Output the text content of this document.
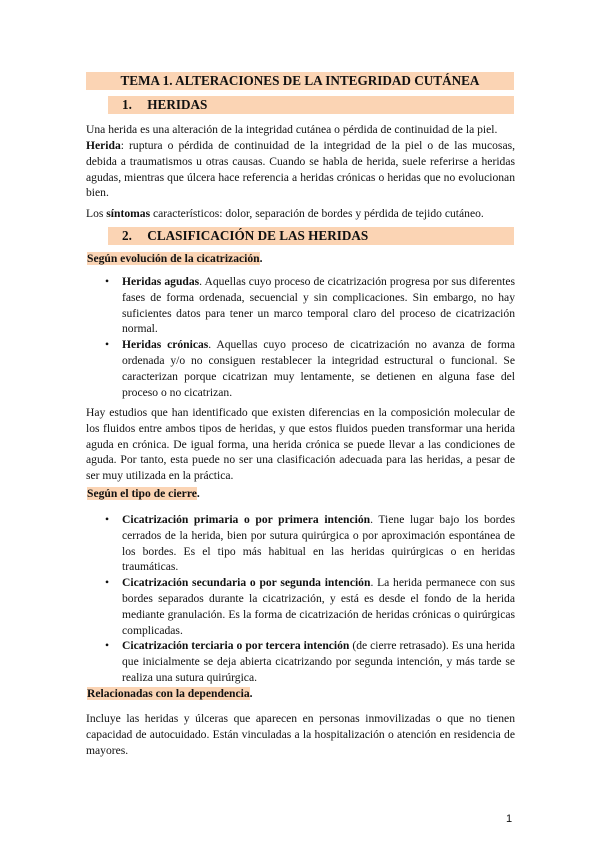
TEMA 1. ALTERACIONES DE LA INTEGRIDAD CUTÁNEA
1. HERIDAS
Una herida es una alteración de la integridad cutánea o pérdida de continuidad de la piel.
Herida: ruptura o pérdida de continuidad de la integridad de la piel o de las mucosas, debida a traumatismos u otras causas. Cuando se habla de herida, suele referirse a heridas agudas, mientras que úlcera hace referencia a heridas crónicas o heridas que no evolucionan bien.
Los síntomas característicos: dolor, separación de bordes y pérdida de tejido cutáneo.
2. CLASIFICACIÓN DE LAS HERIDAS
Según evolución de la cicatrización.
• Heridas agudas. Aquellas cuyo proceso de cicatrización progresa por sus diferentes fases de forma ordenada, secuencial y sin complicaciones. Sin embargo, no hay suficientes datos para tener un marco temporal claro del proceso de cicatrización normal.
• Heridas crónicas. Aquellas cuyo proceso de cicatrización no avanza de forma ordenada y/o no consiguen restablecer la integridad estructural o funcional. Se caracterizan porque cicatrizan muy lentamente, se detienen en alguna fase del proceso o no cicatrizan.
Hay estudios que han identificado que existen diferencias en la composición molecular de los fluidos entre ambos tipos de heridas, y que estos fluidos pueden transformar una herida aguda en crónica. De igual forma, una herida crónica se puede llevar a las condiciones de aguda. Por tanto, esta puede no ser una clasificación adecuada para las heridas, a pesar de ser muy utilizada en la práctica.
Según el tipo de cierre.
• Cicatrización primaria o por primera intención. Tiene lugar bajo los bordes cerrados de la herida, bien por sutura quirúrgica o por aproximación espontánea de los bordes. Es el tipo más habitual en las heridas quirúrgicas o en heridas traumáticas.
• Cicatrización secundaria o por segunda intención. La herida permanece con sus bordes separados durante la cicatrización, y está es desde el fondo de la herida mediante granulación. Es la forma de cicatrización de heridas crónicas o quirúrgicas complicadas.
• Cicatrización terciaria o por tercera intención (de cierre retrasado). Es una herida que inicialmente se deja abierta cicatrizando por segunda intención, y más tarde se realiza una sutura quirúrgica.
Relacionadas con la dependencia.
Incluye las heridas y úlceras que aparecen en personas inmovilizadas o que no tienen capacidad de autocuidado. Están vinculadas a la hospitalización o atención en residencia de mayores.
1
